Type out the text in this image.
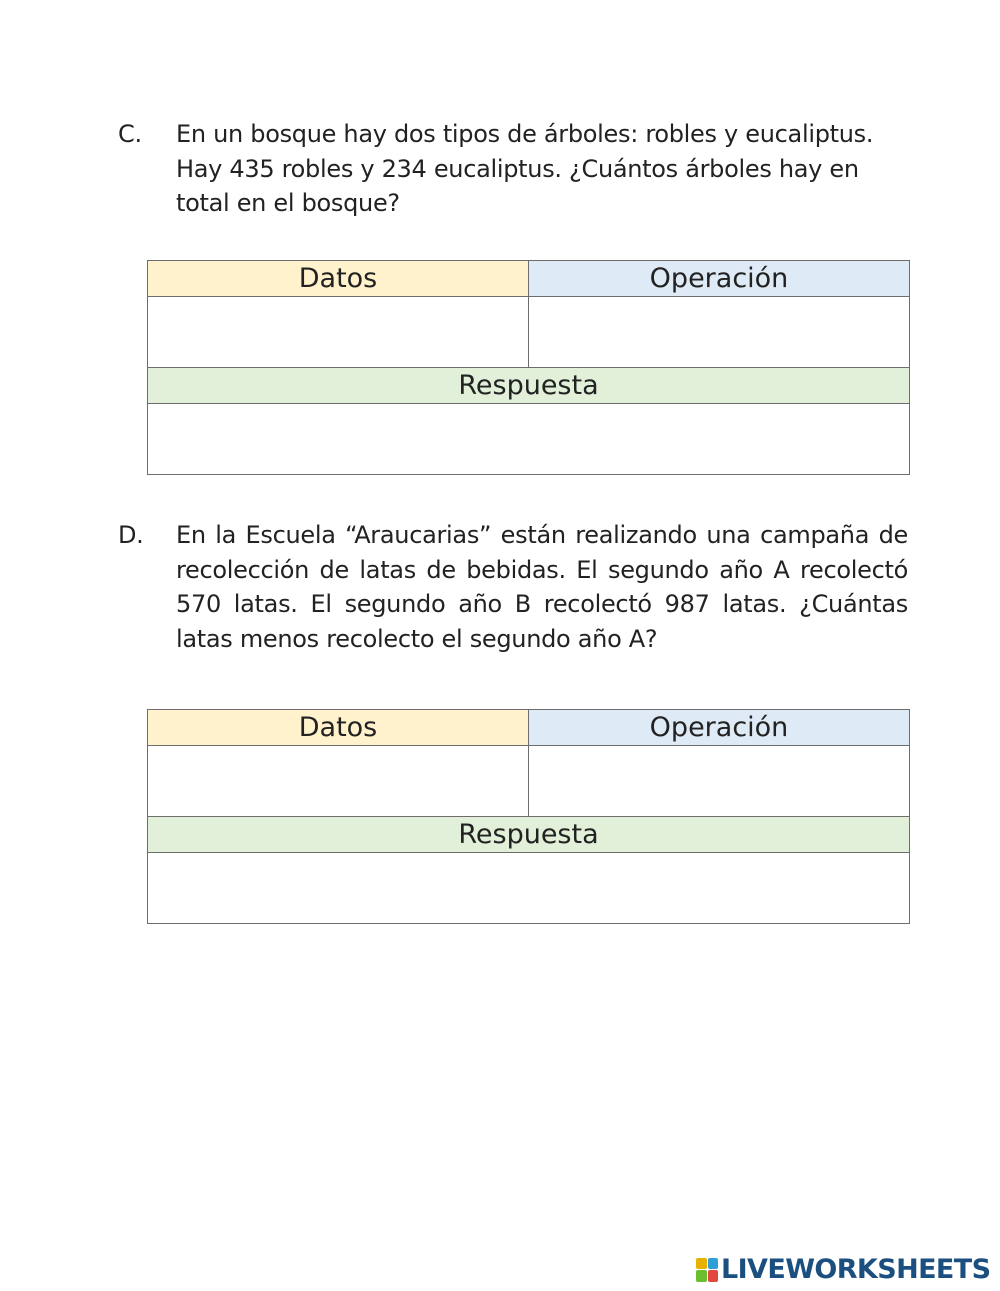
C. En un bosque hay dos tipos de árboles: robles y eucaliptus. Hay 435 robles y 234 eucaliptus. ¿Cuántos árboles hay en total en el bosque?
Datos	Operación

Respuesta	

D. En la Escuela “Araucarias” están realizando una campaña de recolección de latas de bebidas. El segundo año A recolectó 570 latas. El segundo año B recolectó 987 latas. ¿Cuántas latas menos recolecto el segundo año A?
Datos	Operación

Respuesta	

LIVEWORKSHEETS
